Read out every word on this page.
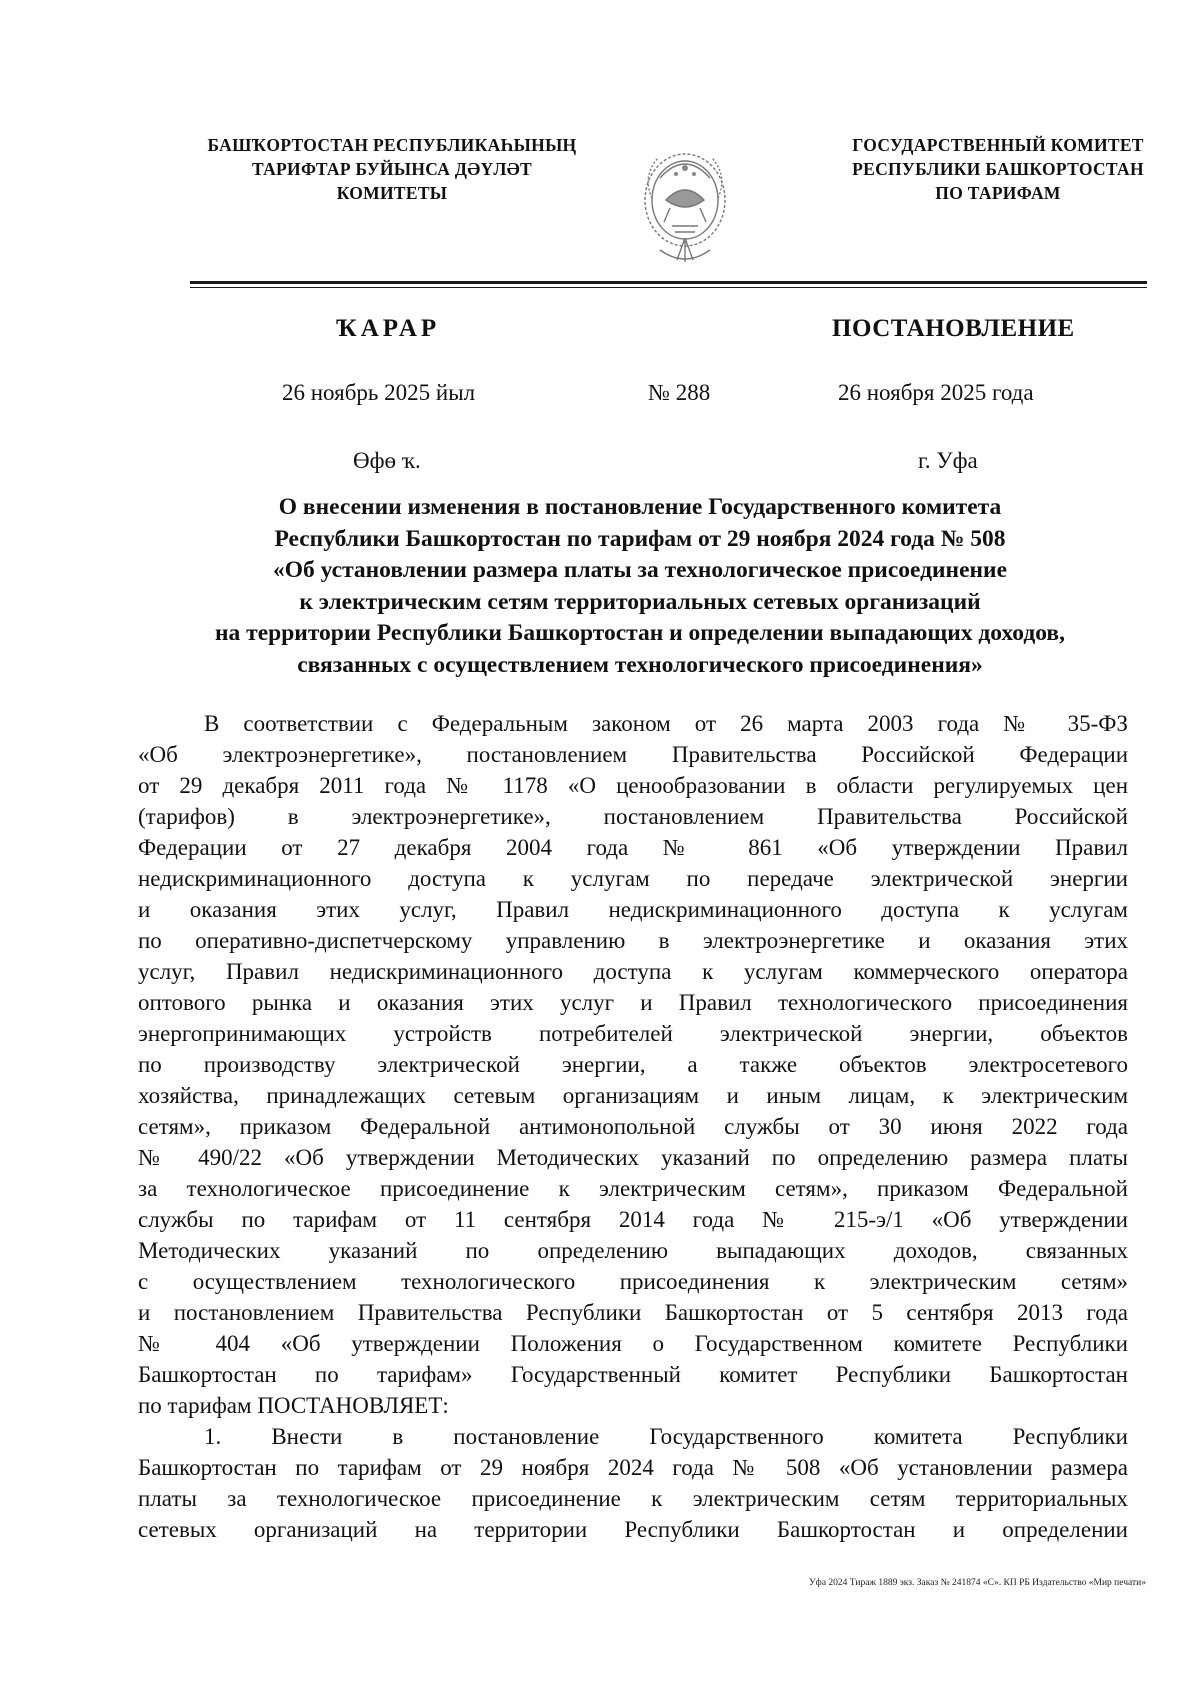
БАШҠОРТОСТАН РЕСПУБЛИКАҺЫНЫҢ
ТАРИФТАР БУЙЫНСА ДӘҮЛӘТ
КОМИТЕТЫ
ГОСУДАРСТВЕННЫЙ КОМИТЕТ
РЕСПУБЛИКИ БАШКОРТОСТАН
ПО ТАРИФАМ
ҠАРАР	ПОСТАНОВЛЕНИЕ
26 ноябрь 2025 йыл	№ 288	26 ноября 2025 года
Өфө ҡ.	г. Уфа
О внесении изменения в постановление Государственного комитета
Республики Башкортостан по тарифам от 29 ноября 2024 года № 508
«Об установлении размера платы за технологическое присоединение
к электрическим сетям территориальных сетевых организаций
на территории Республики Башкортостан и определении выпадающих доходов,
связанных с осуществлением технологического присоединения»
В соответствии с Федеральным законом от 26 марта 2003 года № 35-ФЗ
«Об электроэнергетике», постановлением Правительства Российской Федерации
от 29 декабря 2011 года № 1178 «О ценообразовании в области регулируемых цен
(тарифов) в электроэнергетике», постановлением Правительства Российской
Федерации от 27 декабря 2004 года № 861 «Об утверждении Правил
недискриминационного доступа к услугам по передаче электрической энергии
и оказания этих услуг, Правил недискриминационного доступа к услугам
по оперативно-диспетчерскому управлению в электроэнергетике и оказания этих
услуг, Правил недискриминационного доступа к услугам коммерческого оператора
оптового рынка и оказания этих услуг и Правил технологического присоединения
энергопринимающих устройств потребителей электрической энергии, объектов
по производству электрической энергии, а также объектов электросетевого
хозяйства, принадлежащих сетевым организациям и иным лицам, к электрическим
сетям», приказом Федеральной антимонопольной службы от 30 июня 2022 года
№ 490/22 «Об утверждении Методических указаний по определению размера платы
за технологическое присоединение к электрическим сетям», приказом Федеральной
службы по тарифам от 11 сентября 2014 года № 215-э/1 «Об утверждении
Методических указаний по определению выпадающих доходов, связанных
с осуществлением технологического присоединения к электрическим сетям»
и постановлением Правительства Республики Башкортостан от 5 сентября 2013 года
№ 404 «Об утверждении Положения о Государственном комитете Республики
Башкортостан по тарифам» Государственный комитет Республики Башкортостан
по тарифам ПОСТАНОВЛЯЕТ:
1. Внести в постановление Государственного комитета Республики
Башкортостан по тарифам от 29 ноября 2024 года № 508 «Об установлении размера
платы за технологическое присоединение к электрическим сетям территориальных
сетевых организаций на территории Республики Башкортостан и определении
Уфа 2024 Тираж 1889 экз. Заказ № 241874 «С». КП РБ Издательство «Мир печати»
